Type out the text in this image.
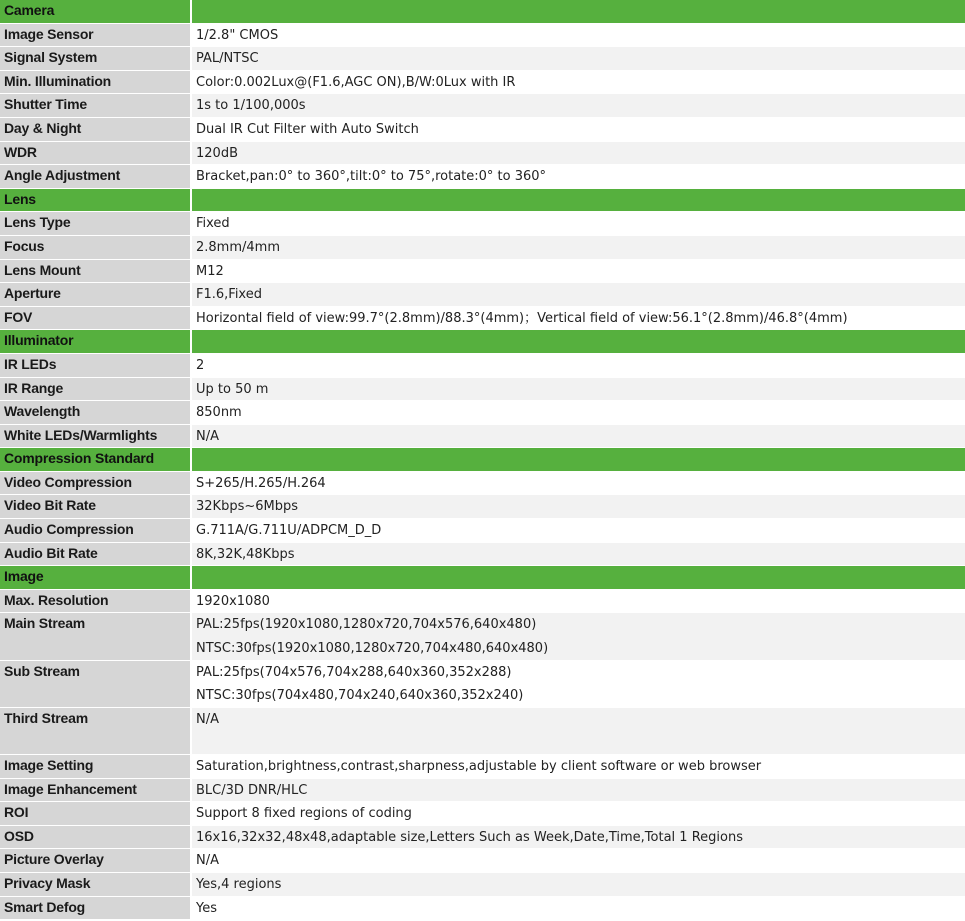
Camera
Image Sensor	1/2.8" CMOS
Signal System	PAL/NTSC
Min. Illumination	Color:0.002Lux@(F1.6,AGC ON),B/W:0Lux with IR
Shutter Time	1s to 1/100,000s
Day & Night	Dual IR Cut Filter with Auto Switch
WDR	120dB
Angle Adjustment	Bracket,pan:0° to 360°,tilt:0° to 75°,rotate:0° to 360°
Lens
Lens Type	Fixed
Focus	2.8mm/4mm
Lens Mount	M12
Aperture	F1.6,Fixed
FOV	Horizontal field of view:99.7°(2.8mm)/88.3°(4mm)；Vertical field of view:56.1°(2.8mm)/46.8°(4mm)
Illuminator
IR LEDs	2
IR Range	Up to 50 m
Wavelength	850nm
White LEDs/Warmlights	N/A
Compression Standard
Video Compression	S+265/H.265/H.264
Video Bit Rate	32Kbps~6Mbps
Audio Compression	G.711A/G.711U/ADPCM_D_D
Audio Bit Rate	8K,32K,48Kbps
Image
Max. Resolution	1920x1080
Main Stream	PAL:25fps(1920x1080,1280x720,704x576,640x480)
NTSC:30fps(1920x1080,1280x720,704x480,640x480)
Sub Stream	PAL:25fps(704x576,704x288,640x360,352x288)
NTSC:30fps(704x480,704x240,640x360,352x240)
Third Stream	N/A
Image Setting	Saturation,brightness,contrast,sharpness,adjustable by client software or web browser
Image Enhancement	BLC/3D DNR/HLC
ROI	Support 8 fixed regions of coding
OSD	16x16,32x32,48x48,adaptable size,Letters Such as Week,Date,Time,Total 1 Regions
Picture Overlay	N/A
Privacy Mask	Yes,4 regions
Smart Defog	Yes
